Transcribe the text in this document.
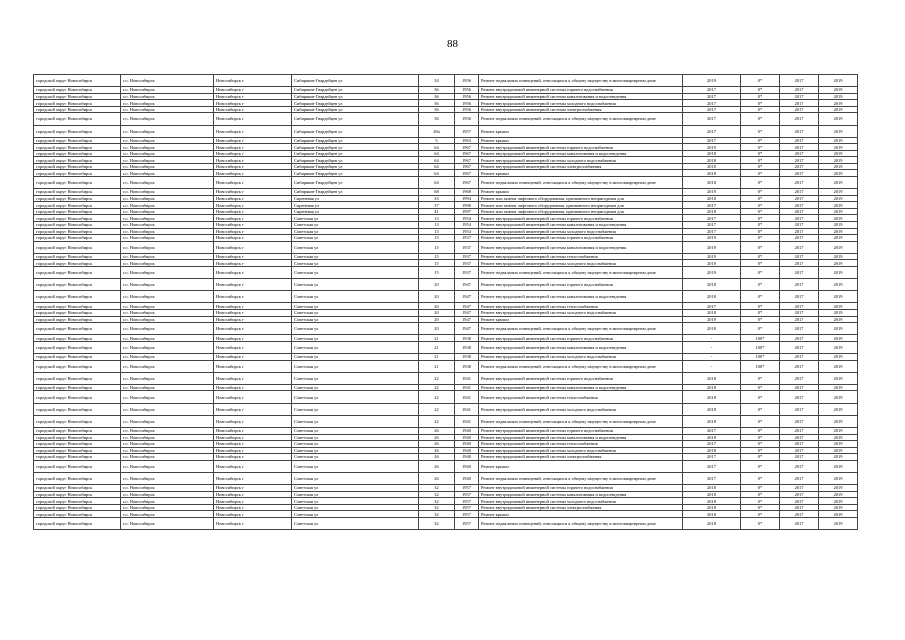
88
городской округ Новосибирск	г.о. Новосибирск	Новосибирск г	Сибиряков-Гвардейцев ул	34	1956	Ремонт подвальных помещений, относящихся к общему имуществу в многоквартирном доме	2019	0*	2017	2019
городской округ Новосибирск	г.о. Новосибирск	Новосибирск г	Сибиряков-Гвардейцев ул	36	1956	Ремонт внутридомовой инженерной системы горячего водоснабжения	2017	0*	2017	2019
городской округ Новосибирск	г.о. Новосибирск	Новосибирск г	Сибиряков-Гвардейцев ул	36	1956	Ремонт внутридомовой инженерной системы канализования и водоотведения	2017	0*	2017	2019
городской округ Новосибирск	г.о. Новосибирск	Новосибирск г	Сибиряков-Гвардейцев ул	36	1956	Ремонт внутридомовой инженерной системы холодного водоснабжения	2017	0*	2017	2019
городской округ Новосибирск	г.о. Новосибирск	Новосибирск г	Сибиряков-Гвардейцев ул	36	1956	Ремонт внутридомовой инженерной системы электроснабжения	2017	0*	2017	2019
городской округ Новосибирск	г.о. Новосибирск	Новосибирск г	Сибиряков-Гвардейцев ул	36	1956	Ремонт подвальных помещений, относящихся к общему имуществу в многоквартирном доме	2017	0*	2017	2019
городской округ Новосибирск	г.о. Новосибирск	Новосибирск г	Сибиряков-Гвардейцев ул	49а	1957	Ремонт крыши	2017	0*	2017	2019
городской округ Новосибирск	г.о. Новосибирск	Новосибирск г	Сибиряков-Гвардейцев ул	5	1963	Ремонт крыши	2017	0*	2017	2019
городской округ Новосибирск	г.о. Новосибирск	Новосибирск г	Сибиряков-Гвардейцев ул	64	1967	Ремонт внутридомовой инженерной системы горячего водоснабжения	2019	0*	2017	2019
городской округ Новосибирск	г.о. Новосибирск	Новосибирск г	Сибиряков-Гвардейцев ул	64	1967	Ремонт внутридомовой инженерной системы канализования и водоотведения	2018	0*	2017	2019
городской округ Новосибирск	г.о. Новосибирск	Новосибирск г	Сибиряков-Гвардейцев ул	64	1967	Ремонт внутридомовой инженерной системы холодного водоснабжения	2018	0*	2017	2019
городской округ Новосибирск	г.о. Новосибирск	Новосибирск г	Сибиряков-Гвардейцев ул	64	1967	Ремонт внутридомовой инженерной системы электроснабжения	2018	0*	2017	2019
городской округ Новосибирск	г.о. Новосибирск	Новосибирск г	Сибиряков-Гвардейцев ул	64	1967	Ремонт крыши	2018	0*	2017	2019
городской округ Новосибирск	г.о. Новосибирск	Новосибирск г	Сибиряков-Гвардейцев ул	64	1967	Ремонт подвальных помещений, относящихся к общему имуществу в многоквартирном доме	2018	0*	2017	2019
городской округ Новосибирск	г.о. Новосибирск	Новосибирск г	Сибиряков-Гвардейцев ул	68	1968	Ремонт крыши	2019	0*	2017	2019
городской округ Новосибирск	г.о. Новосибирск	Новосибирск г	Сиреневая ул	33	1994	Ремонт или замена лифтового оборудования, признанного непригодным для	2018	0*	2017	2019
городской округ Новосибирск	г.о. Новосибирск	Новосибирск г	Сиреневая ул	37	1990	Ремонт или замена лифтового оборудования, признанного непригодным для	2017	0*	2017	2019
городской округ Новосибирск	г.о. Новосибирск	Новосибирск г	Сиреневая ул	41	1997	Ремонт или замена лифтового оборудования, признанного непригодным для	2018	0*	2017	2019
городской округ Новосибирск	г.о. Новосибирск	Новосибирск г	Советская ул	13	1954	Ремонт внутридомовой инженерной системы горячего водоснабжения	2017	0*	2017	2019
городской округ Новосибирск	г.о. Новосибирск	Новосибирск г	Советская ул	13	1954	Ремонт внутридомовой инженерной системы канализования и водоотведения	2017	0*	2017	2019
городской округ Новосибирск	г.о. Новосибирск	Новосибирск г	Советская ул	13	1954	Ремонт внутридомовой инженерной системы холодного водоснабжения	2017	0*	2017	2019
городской округ Новосибирск	г.о. Новосибирск	Новосибирск г	Советская ул	15	1937	Ремонт внутридомовой инженерной системы горячего водоснабжения	2019	0*	2017	2019
городской округ Новосибирск	г.о. Новосибирск	Новосибирск г	Советская ул	15	1937	Ремонт внутридомовой инженерной системы канализования и водоотведения	2019	0*	2017	2019
городской округ Новосибирск	г.о. Новосибирск	Новосибирск г	Советская ул	15	1937	Ремонт внутридомовой инженерной системы теплоснабжения	2019	0*	2017	2019
городской округ Новосибирск	г.о. Новосибирск	Новосибирск г	Советская ул	15	1937	Ремонт внутридомовой инженерной системы холодного водоснабжения	2019	0*	2017	2019
городской округ Новосибирск	г.о. Новосибирск	Новосибирск г	Советская ул	15	1937	Ремонт подвальных помещений, относящихся к общему имуществу в многоквартирном доме	2019	0*	2017	2019
городской округ Новосибирск	г.о. Новосибирск	Новосибирск г	Советская ул	20	1947	Ремонт внутридомовой инженерной системы горячего водоснабжения	2018	0*	2017	2019
городской округ Новосибирск	г.о. Новосибирск	Новосибирск г	Советская ул	20	1947	Ремонт внутридомовой инженерной системы канализования и водоотведения	2018	0*	2017	2019
городской округ Новосибирск	г.о. Новосибирск	Новосибирск г	Советская ул	20	1947	Ремонт внутридомовой инженерной системы теплоснабжения	2017	0*	2017	2019
городской округ Новосибирск	г.о. Новосибирск	Новосибирск г	Советская ул	20	1947	Ремонт внутридомовой инженерной системы холодного водоснабжения	2018	0*	2017	2019
городской округ Новосибирск	г.о. Новосибирск	Новосибирск г	Советская ул	20	1947	Ремонт крыши	2019	0*	2017	2019
городской округ Новосибирск	г.о. Новосибирск	Новосибирск г	Советская ул	20	1947	Ремонт подвальных помещений, относящихся к общему имуществу в многоквартирном доме	2018	0*	2017	2019
городской округ Новосибирск	г.о. Новосибирск	Новосибирск г	Советская ул	21	1938	Ремонт внутридомовой инженерной системы горячего водоснабжения	-	100*	2017	2019
городской округ Новосибирск	г.о. Новосибирск	Новосибирск г	Советская ул	21	1938	Ремонт внутридомовой инженерной системы канализования и водоотведения	-	100*	2017	2019
городской округ Новосибирск	г.о. Новосибирск	Новосибирск г	Советская ул	21	1938	Ремонт внутридомовой инженерной системы холодного водоснабжения	-	100*	2017	2019
городской округ Новосибирск	г.о. Новосибирск	Новосибирск г	Советская ул	21	1938	Ремонт подвальных помещений, относящихся к общему имуществу в многоквартирном доме	-	100*	2017	2019
городской округ Новосибирск	г.о. Новосибирск	Новосибирск г	Советская ул	22	1941	Ремонт внутридомовой инженерной системы горячего водоснабжения	2018	0*	2017	2019
городской округ Новосибирск	г.о. Новосибирск	Новосибирск г	Советская ул	22	1941	Ремонт внутридомовой инженерной системы канализования и водоотведения	2018	0*	2017	2019
городской округ Новосибирск	г.о. Новосибирск	Новосибирск г	Советская ул	22	1941	Ремонт внутридомовой инженерной системы теплоснабжения	2018	0*	2017	2019
городской округ Новосибирск	г.о. Новосибирск	Новосибирск г	Советская ул	22	1941	Ремонт внутридомовой инженерной системы холодного водоснабжения	2018	0*	2017	2019
городской округ Новосибирск	г.о. Новосибирск	Новосибирск г	Советская ул	22	1941	Ремонт подвальных помещений, относящихся к общему имуществу в многоквартирном доме	2018	0*	2017	2019
городской округ Новосибирск	г.о. Новосибирск	Новосибирск г	Советская ул	26	1940	Ремонт внутридомовой инженерной системы горячего водоснабжения	2017	0*	2017	2019
городской округ Новосибирск	г.о. Новосибирск	Новосибирск г	Советская ул	26	1940	Ремонт внутридомовой инженерной системы канализования и водоотведения	2018	0*	2017	2019
городской округ Новосибирск	г.о. Новосибирск	Новосибирск г	Советская ул	26	1940	Ремонт внутридомовой инженерной системы теплоснабжения	2017	0*	2017	2019
городской округ Новосибирск	г.о. Новосибирск	Новосибирск г	Советская ул	26	1940	Ремонт внутридомовой инженерной системы холодного водоснабжения	2018	0*	2017	2019
городской округ Новосибирск	г.о. Новосибирск	Новосибирск г	Советская ул	26	1940	Ремонт внутридомовой инженерной системы электроснабжения	2017	0*	2017	2019
городской округ Новосибирск	г.о. Новосибирск	Новосибирск г	Советская ул	26	1940	Ремонт крыши	2017	0*	2017	2019
городской округ Новосибирск	г.о. Новосибирск	Новосибирск г	Советская ул	26	1940	Ремонт подвальных помещений, относящихся к общему имуществу в многоквартирном доме	2017	0*	2017	2019
городской округ Новосибирск	г.о. Новосибирск	Новосибирск г	Советская ул	32	1957	Ремонт внутридомовой инженерной системы горячего водоснабжения	2018	0*	2017	2019
городской округ Новосибирск	г.о. Новосибирск	Новосибирск г	Советская ул	32	1957	Ремонт внутридомовой инженерной системы канализования и водоотведения	2018	0*	2017	2019
городской округ Новосибирск	г.о. Новосибирск	Новосибирск г	Советская ул	32	1957	Ремонт внутридомовой инженерной системы холодного водоснабжения	2018	0*	2017	2019
городской округ Новосибирск	г.о. Новосибирск	Новосибирск г	Советская ул	32	1957	Ремонт внутридомовой инженерной системы электроснабжения	2018	0*	2017	2019
городской округ Новосибирск	г.о. Новосибирск	Новосибирск г	Советская ул	32	1957	Ремонт крыши	2018	0*	2017	2019
городской округ Новосибирск	г.о. Новосибирск	Новосибирск г	Советская ул	32	1957	Ремонт подвальных помещений, относящихся к общему имуществу в многоквартирном доме	2018	0*	2017	2019
